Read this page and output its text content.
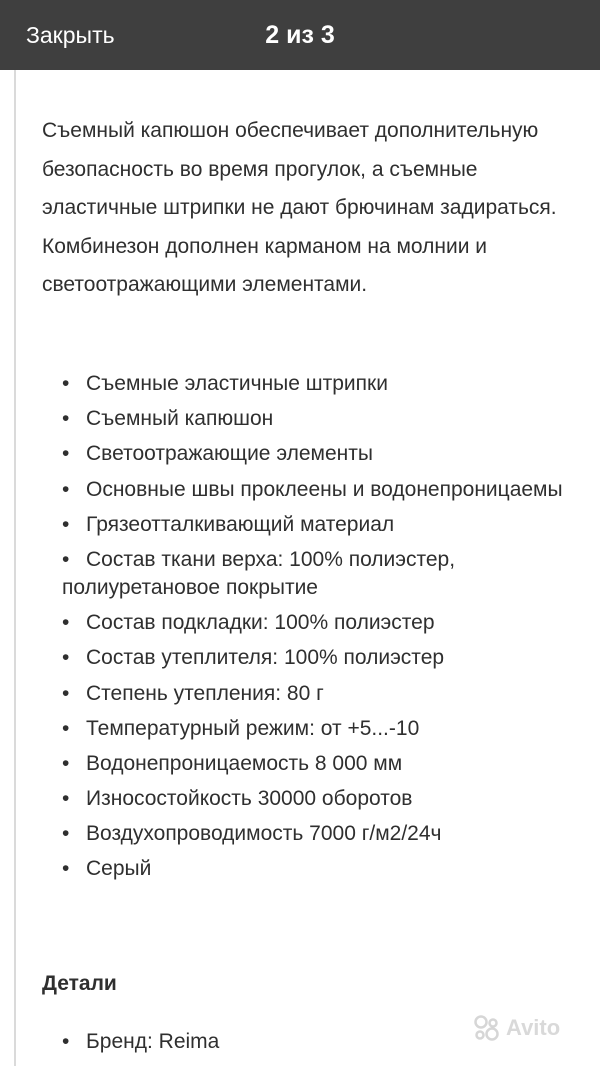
Закрыть	2 из 3

Съемный капюшон обеспечивает дополнительную безопасность во время прогулок, а съемные эластичные штрипки не дают брючинам задираться. Комбинезон дополнен карманом на молнии и светоотражающими элементами.

• Съемные эластичные штрипки
• Съемный капюшон
• Светоотражающие элементы
• Основные швы проклеены и водонепроницаемы
• Грязеотталкивающий материал
• Состав ткани верха: 100% полиэстер, полиуретановое покрытие
• Состав подкладки: 100% полиэстер
• Состав утеплителя: 100% полиэстер
• Степень утепления: 80 г
• Температурный режим: от +5...-10
• Водонепроницаемость 8 000 мм
• Износостойкость 30000 оборотов
• Воздухопроводимость 7000 г/м2/24ч
• Серый
Детали
• Бренд: Reima
Avito
